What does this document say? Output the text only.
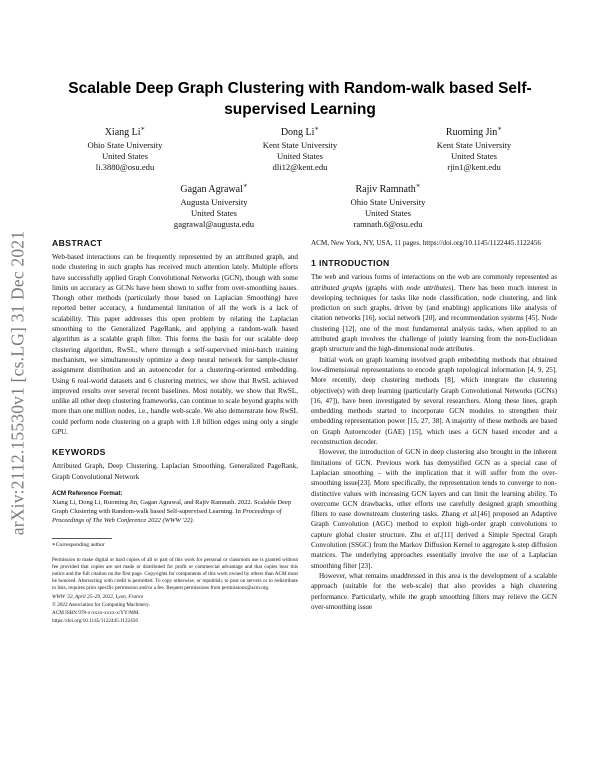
arXiv:2112.15530v1 [cs.LG] 31 Dec 2021
Scalable Deep Graph Clustering with Random-walk based Self-supervised Learning
Xiang Li∗
Ohio State University
United States
li.3880@osu.edu
Dong Li∗
Kent State University
United States
dli12@kent.edu
Ruoming Jin∗
Kent State University
United States
rjin1@kent.edu
Gagan Agrawal∗
Augusta University
United States
gagrawal@augusta.edu
Rajiv Ramnath∗
Ohio State University
United States
ramnath.6@osu.edu
ABSTRACT

Web-based interactions can be frequently represented by an attributed graph, and node clustering in such graphs has received much attention lately. Multiple efforts have successfully applied Graph Convolutional Networks (GCN), though with some limits on accuracy as GCNs have been shown to suffer from over-smoothing issues. Though other methods (particularly those based on Laplacian Smoothing) have reported better accuracy, a fundamental limitation of all the work is a lack of scalability. This paper addresses this open problem by relating the Laplacian smoothing to the Generalized PageRank, and applying a random-walk based algorithm as a scalable graph filter. This forms the basis for our scalable deep clustering algorithm, RwSL, where through a self-supervised mini-batch training mechanism, we simultaneously optimize a deep neural network for sample-cluster assignment distribution and an autoencoder for a clustering-oriented embedding. Using 6 real-world datasets and 6 clustering metrics, we show that RwSL achieved improved results over several recent baselines. Most notably, we show that RwSL, unlike all other deep clustering frameworks, can continue to scale beyond graphs with more than one million nodes, i.e., handle web-scale. We also demonstrate how RwSL could perform node clustering on a graph with 1.8 billion edges using only a single GPU.

KEYWORDS

Attributed Graph, Deep Clustering, Laplacian Smoothing, Generalized PageRank, Graph Convolutional Network

ACM Reference Format:

Xiang Li, Dong Li, Ruoming Jin, Gagan Agrawal, and Rajiv Ramnath. 2022. Scalable Deep Graph Clustering with Random-walk based Self-supervised Learning. In Proceedings of Proceedings of The Web Conference 2022 (WWW '22).

∗Corresponding author

Permission to make digital or hard copies of all or part of this work for personal or classroom use is granted without fee provided that copies are not made or distributed for profit or commercial advantage and that copies bear this notice and the full citation on the first page. Copyrights for components of this work owned by others than ACM must be honored. Abstracting with credit is permitted. To copy otherwise, or republish, to post on servers or to redistribute to lists, requires prior specific permission and/or a fee. Request permissions from permissions@acm.org.

WWW '22, April 25–29, 2022, Lyon, France

© 2022 Association for Computing Machinery.

ACM ISBN 978-x-xxxx-xxxx-x/YY/MM.

https://doi.org/10.1145/1122445.1122456

ACM, New York, NY, USA, 11 pages. https://doi.org/10.1145/1122445.1122456

1 INTRODUCTION

The web and various forms of interactions on the web are commonly represented as attributed graphs (graphs with node attributes). There has been much interest in developing techniques for tasks like node classification, node clustering, and link prediction on such graphs, driven by (and enabling) applications like analysis of citation networks [16], social network [20], and recommendation systems [45]. Node clustering [12], one of the most fundamental analysis tasks, when applied to an attributed graph involves the challenge of jointly learning from the non-Euclidean graph structure and the high-dimensional node attributes.

Initial work on graph learning involved graph embedding methods that obtained low-dimensional representations to encode graph topological information [4, 9, 25]. More recently, deep clustering methods [8], which integrate the clustering objective(s) with deep learning (particularly Graph Convolutional Networks (GCNs) [16, 47]), have been investigated by several researchers. Along these lines, graph embedding methods started to incorporate GCN modules to strengthen their embedding representation power [15, 27, 38]. A majority of these methods are based on Graph Autoencoder (GAE) [15], which uses a GCN based encoder and a reconstruction decoder.

However, the introduction of GCN in deep clustering also brought in the inherent limitations of GCN. Previous work has demystified GCN as a special case of Laplacian smoothing – with the implication that it will suffer from the over-smoothing issue[23]. More specifically, the representation tends to converge to non-distinctive values with increasing GCN layers and can limit the learning ability. To overcome GCN drawbacks, other efforts use carefully designed graph smoothing filters to ease downstream clustering tasks. Zhang et al.[46] proposed an Adaptive Graph Convolution (AGC) method to exploit high-order graph convolutions to capture global cluster structure. Zhu et al.[11] derived a Simple Spectral Graph Convolution (SSGC) from the Markov Diffusion Kernel to aggregate k-step diffusion matrices. The underlying approaches essentially involve the use of a Laplacian smoothing filter [23].

However, what remains unaddressed in this area is the development of a scalable approach (suitable for the web-scale) that also provides a high clustering performance. Particularly, while the graph smoothing filters may relieve the GCN over-smoothing issue
